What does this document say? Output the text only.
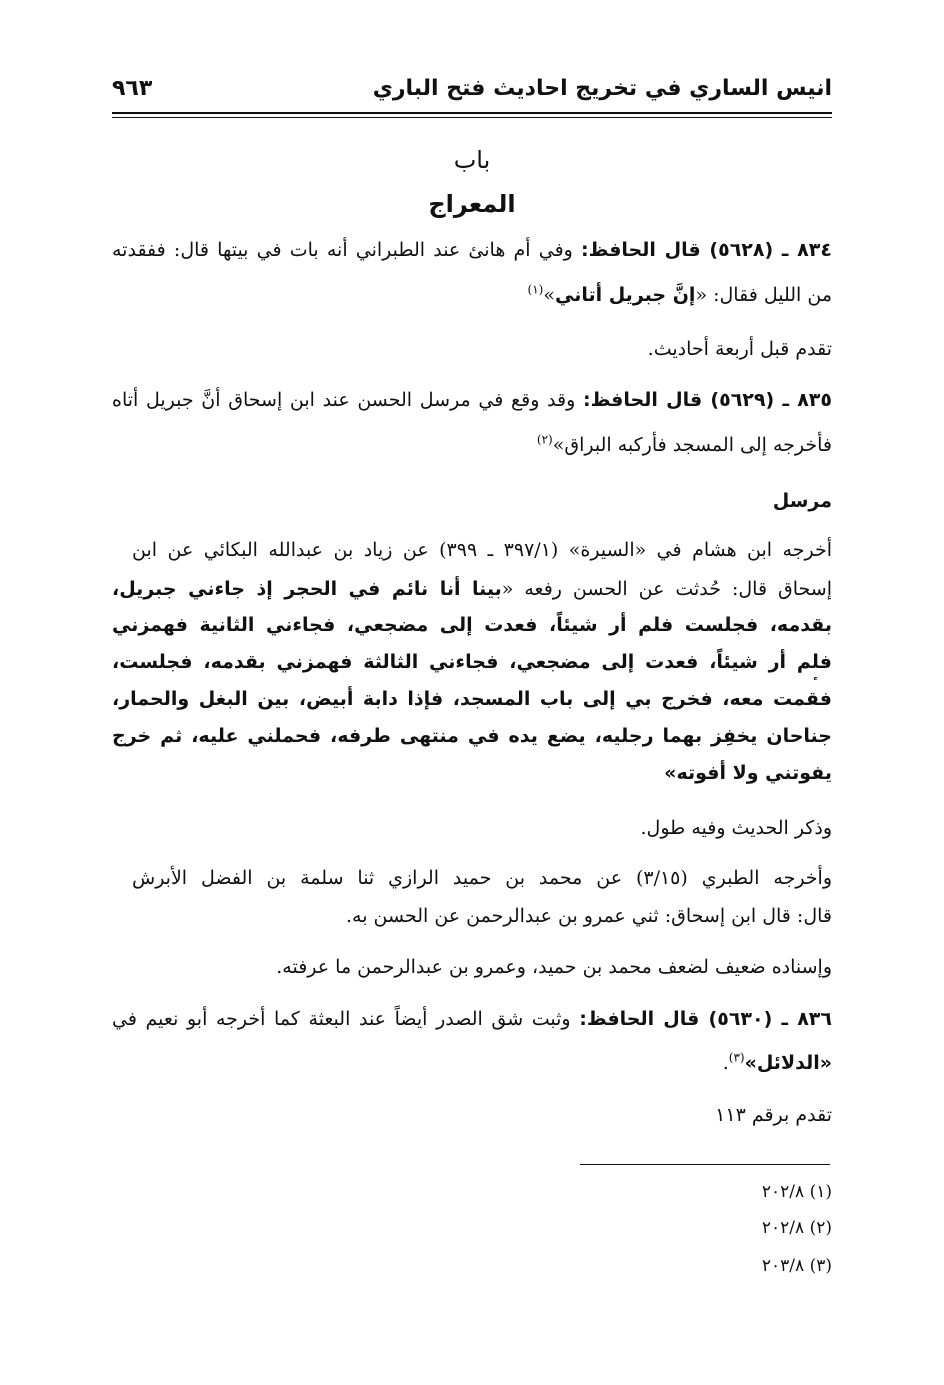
انيس الساري في تخريج احاديث فتح الباري
٩٦٣
باب
المعراج
٨٣٤ ـ (٥٦٢٨) قال الحافظ: وفي أم هانئ عند الطبراني أنه بات في بيتها قال: ففقدته
من الليل فقال: «إنَّ جبريل أتاني»$^{(١)}$
تقدم قبل أربعة أحاديث.
٨٣٥ ـ (٥٦٢٩) قال الحافظ: وقد وقع في مرسل الحسن عند ابن إسحاق أنَّ جبريل أتاه
فأخرجه إلى المسجد فأركبه البراق»$^{(٢)}$
مرسل
أخرجه ابن هشام في «السيرة» (٣٩٧/١ ـ ٣٩٩) عن زياد بن عبدالله البكائي عن ابن
إسحاق قال: حُدثت عن الحسن رفعه «بينا أنا نائم في الحجر إذ جاءني جبريل،
بقدمه، فجلست فلم أر شيئاً، فعدت إلى مضجعي، فجاءني الثانية فهمزني
فلم أر شيئاً، فعدت إلى مضجعي، فجاءني الثالثة فهمزني بقدمه، فجلست،
فقمت معه، فخرج بي إلى باب المسجد، فإذا دابة أبيض، بين البغل والحمار،
جناحان يخفِز بهما رجليه، يضع يده في منتهى طرفه، فحملني عليه، ثم خرج
يفوتني ولا أفوته»
وذكر الحديث وفيه طول.
وأخرجه الطبري (٣/١٥) عن محمد بن حميد الرازي ثنا سلمة بن الفضل الأبرش
قال: قال ابن إسحاق: ثني عمرو بن عبدالرحمن عن الحسن به.
وإسناده ضعيف لضعف محمد بن حميد، وعمرو بن عبدالرحمن ما عرفته.
٨٣٦ ـ (٥٦٣٠) قال الحافظ: وثبت شق الصدر أيضاً عند البعثة كما أخرجه أبو نعيم في
«الدلائل»$^{(٣)}$.
تقدم برقم ١١٣
(١) ٢٠٢/٨
(٢) ٢٠٢/٨
(٣) ٢٠٣/٨
